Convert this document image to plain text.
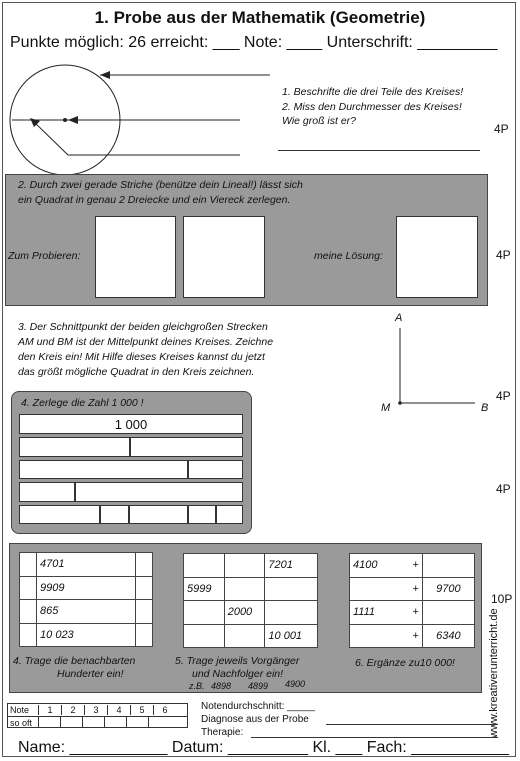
1. Probe aus der Mathematik (Geometrie)
Punkte möglich: 26 erreicht: ___ Note: ____ Unterschrift: _________
1. Beschrifte die drei Teile des Kreises!
2. Miss den Durchmesser des Kreises!
Wie groß ist er?
4P
2. Durch zwei gerade Striche (benütze dein Lineal!) lässt sich
ein Quadrat in genau 2 Dreiecke und ein Viereck zerlegen.
Zum Probieren:	meine Lösung:	4P
3. Der Schnittpunkt der beiden gleichgroßen Strecken
AM und BM ist der Mittelpunkt deines Kreises. Zeichne
den Kreis ein! Mit Hilfe dieses Kreises kannst du jetzt
das größt mögliche Quadrat in den Kreis zeichnen.
A
M	B
4P
4. Zerlege die Zahl 1 000 !
1 000
4P
10P
	4701	
	9909	
	865	
	10 023	
4. Trage die benachbarten
Hunderter ein!
		7201
5999		
	2000	
		10 001
5. Trage jeweils Vorgänger
und Nachfolger ein!
z.B. 4898 4899 4900
4100	+	
	+	9700
1111	+	
	+	6340
6. Ergänze zu10 000!	www.kreativerunterricht.de
Note	1	2	3	4	5	6
so oft
Notendurchschnitt: _____
Diagnose aus der Probe
Therapie:
Name: ___________ Datum: _________ Kl. ___ Fach: ___________
